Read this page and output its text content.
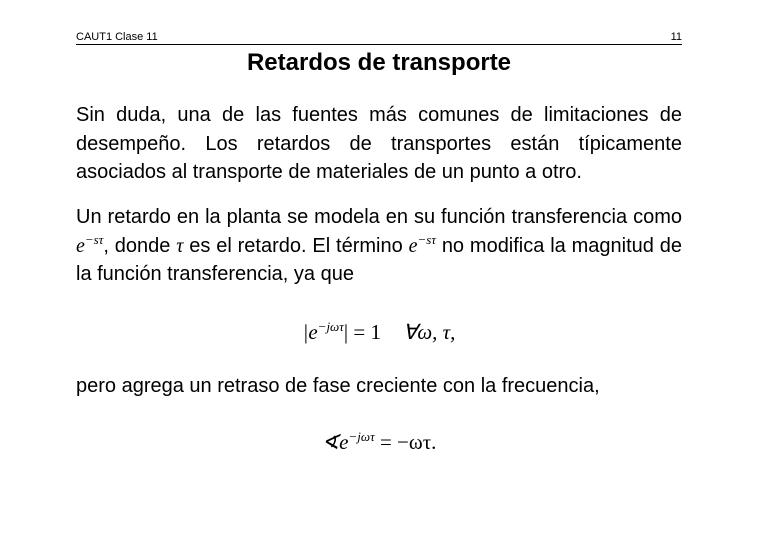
CAUT1 Clase 11	11
Retardos de transporte
Sin duda, una de las fuentes más comunes de limitaciones de desempeño. Los retardos de transportes están típicamente asociados al transporte de materiales de un punto a otro.
Un retardo en la planta se modela en su función transferencia como $e^{-s\tau}$, donde τ es el retardo. El término $e^{-s\tau}$ no modifica la magnitud de la función transferencia, ya que
$|e^{-j\omega\tau}| = 1$ ∀ω, τ,
pero agrega un retraso de fase creciente con la frecuencia,
$∢e^{-j\omega\tau} = -\omega\tau$.
